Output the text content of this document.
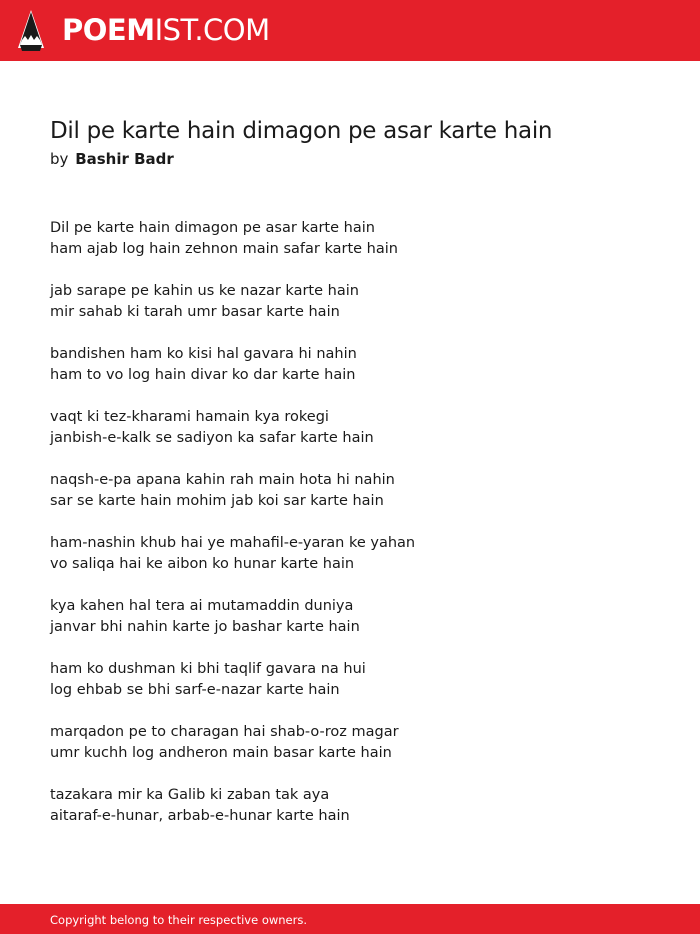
POEMIST.COM
Dil pe karte hain dimagon pe asar karte hain
by Bashir Badr
Dil pe karte hain dimagon pe asar karte hain
ham ajab log hain zehnon main safar karte hain
jab sarape pe kahin us ke nazar karte hain
mir sahab ki tarah umr basar karte hain
bandishen ham ko kisi hal gavara hi nahin
ham to vo log hain divar ko dar karte hain
vaqt ki tez-kharami hamain kya rokegi
janbish-e-kalk se sadiyon ka safar karte hain
naqsh-e-pa apana kahin rah main hota hi nahin
sar se karte hain mohim jab koi sar karte hain
ham-nashin khub hai ye mahafil-e-yaran ke yahan
vo saliqa hai ke aibon ko hunar karte hain
kya kahen hal tera ai mutamaddin duniya
janvar bhi nahin karte jo bashar karte hain
ham ko dushman ki bhi taqlif gavara na hui
log ehbab se bhi sarf-e-nazar karte hain
marqadon pe to charagan hai shab-o-roz magar
umr kuchh log andheron main basar karte hain
tazakara mir ka Galib ki zaban tak aya
aitaraf-e-hunar, arbab-e-hunar karte hain
Copyright belong to their respective owners.
